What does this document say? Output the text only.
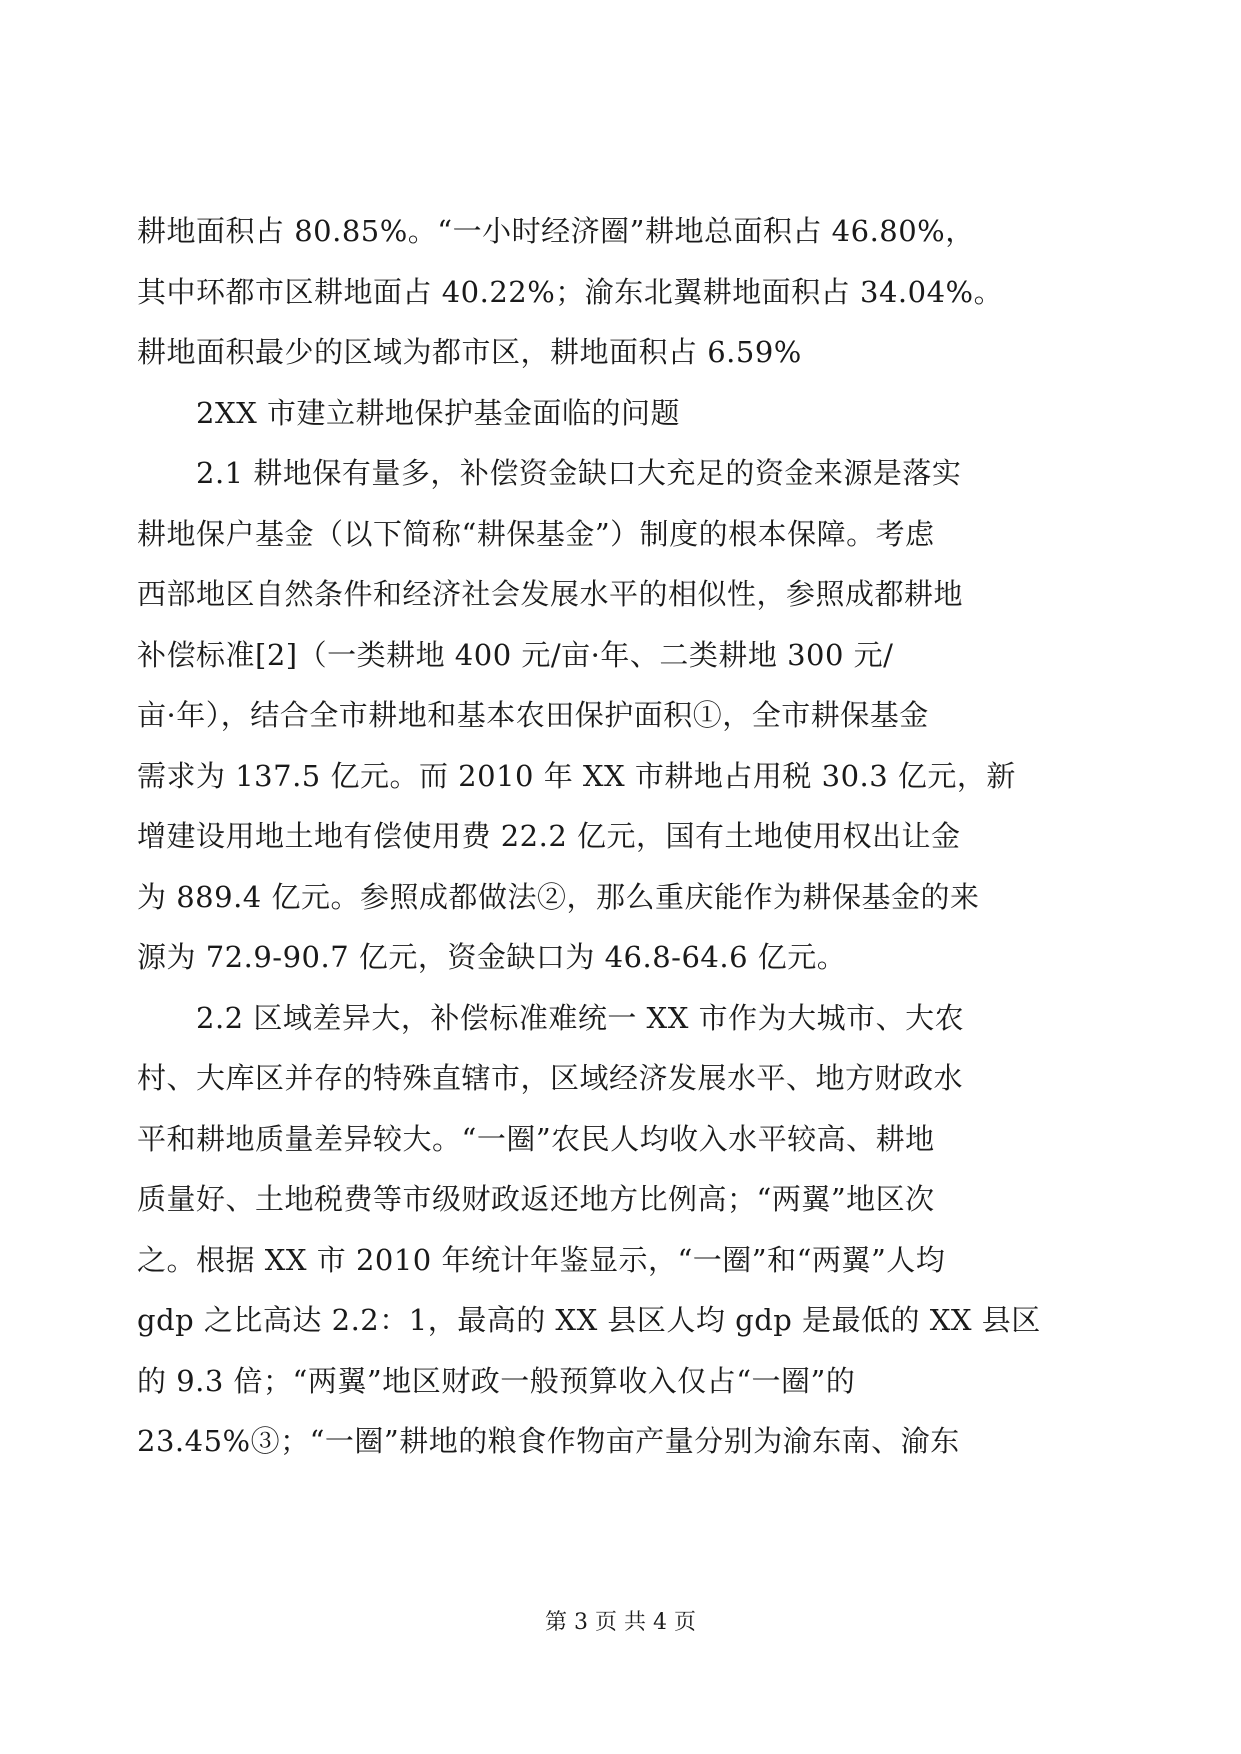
耕地面积占 80.85%。“一小时经济圈”耕地总面积占 46.80%，

其中环都市区耕地面占 40.22%；渝东北翼耕地面积占 34.04%。

耕地面积最少的区域为都市区，耕地面积占 6.59%

2XX 市建立耕地保护基金面临的问题

2.1 耕地保有量多，补偿资金缺口大充足的资金来源是落实

耕地保户基金（以下简称“耕保基金”）制度的根本保障。考虑

西部地区自然条件和经济社会发展水平的相似性，参照成都耕地

补偿标准[2]（一类耕地 400 元/亩·年、二类耕地 300 元/

亩·年），结合全市耕地和基本农田保护面积①，全市耕保基金

需求为 137.5 亿元。而 2010 年 XX 市耕地占用税 30.3 亿元，新

增建设用地土地有偿使用费 22.2 亿元，国有土地使用权出让金

为 889.4 亿元。参照成都做法②，那么重庆能作为耕保基金的来

源为 72.9-90.7 亿元，资金缺口为 46.8-64.6 亿元。

2.2 区域差异大，补偿标准难统一 XX 市作为大城市、大农

村、大库区并存的特殊直辖市，区域经济发展水平、地方财政水

平和耕地质量差异较大。“一圈”农民人均收入水平较高、耕地

质量好、土地税费等市级财政返还地方比例高；“两翼”地区次

之。根据 XX 市 2010 年统计年鉴显示，“一圈”和“两翼”人均

gdp 之比高达 2.2：1，最高的 XX 县区人均 gdp 是最低的 XX 县区

的 9.3 倍；“两翼”地区财政一般预算收入仅占“一圈”的

23.45%③；“一圈”耕地的粮食作物亩产量分别为渝东南、渝东

第 3 页 共 4 页
